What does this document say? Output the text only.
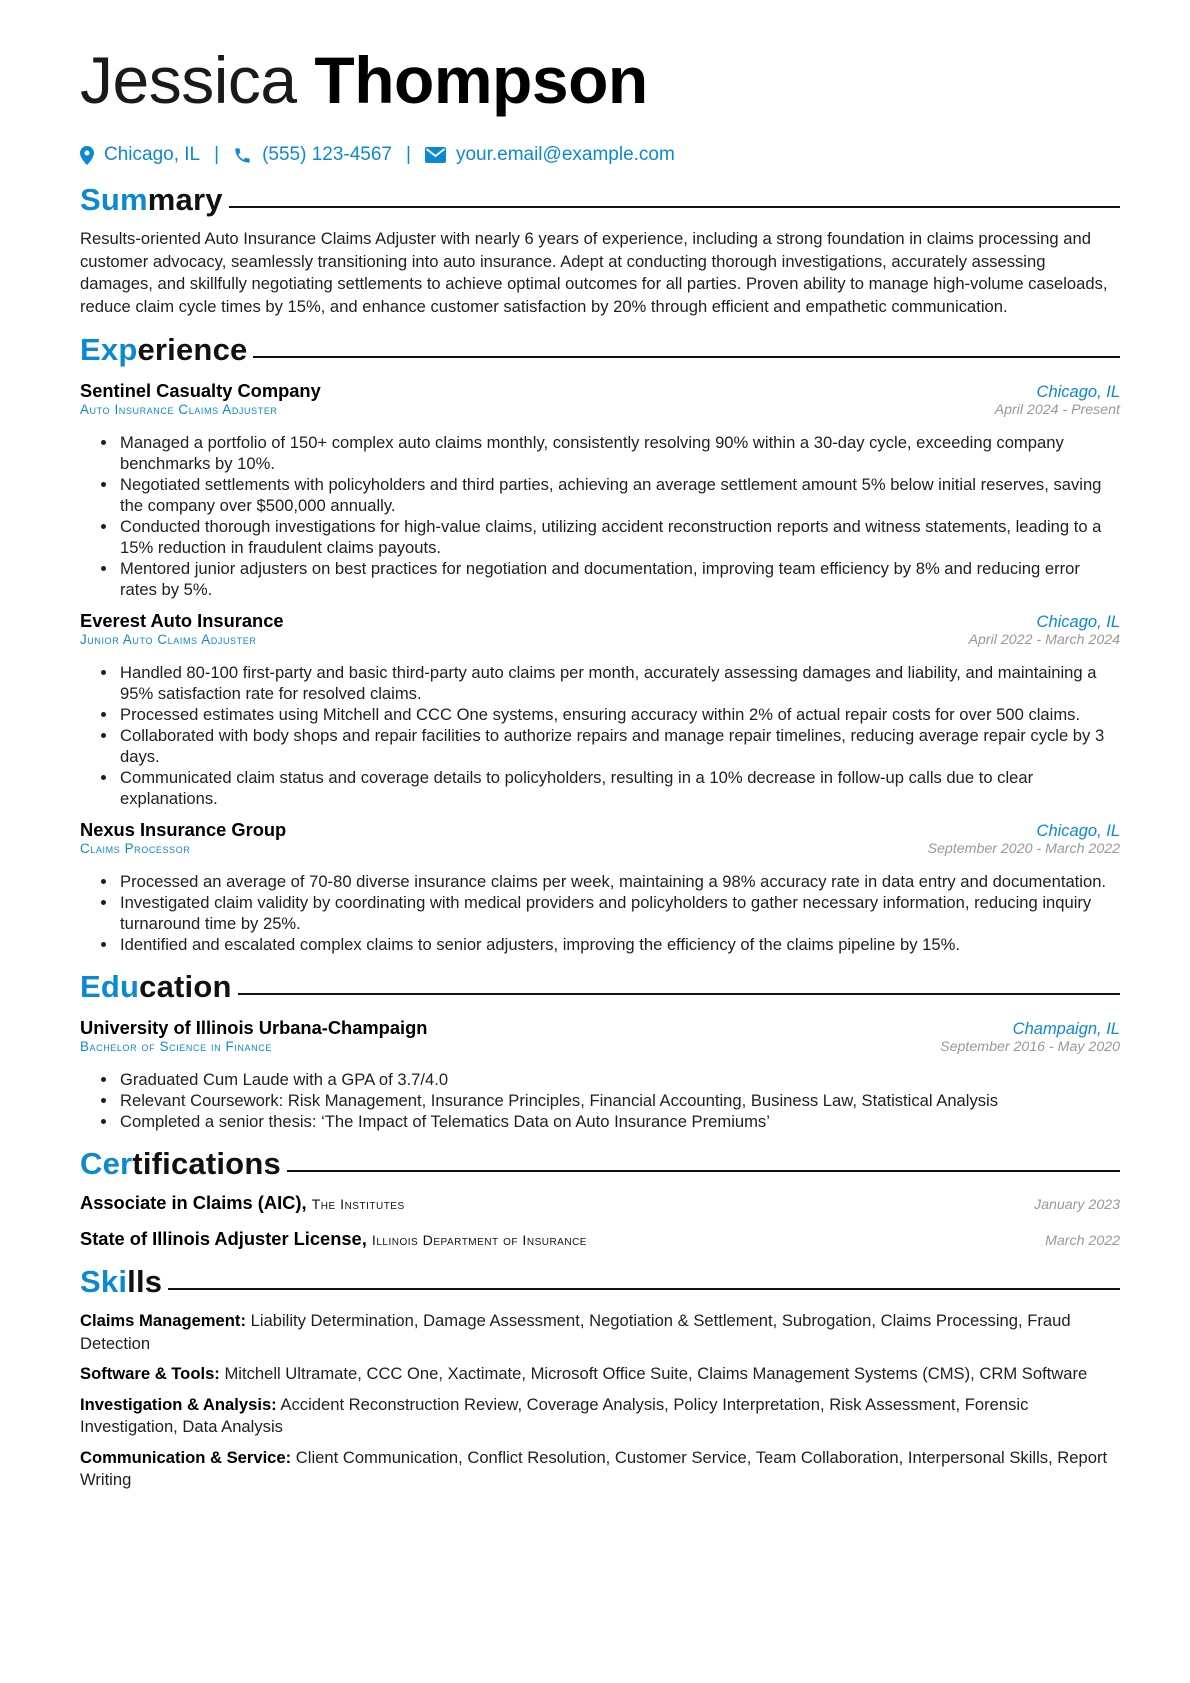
Jessica Thompson
Chicago, IL | (555) 123-4567 | your.email@example.com
Summary

Results-oriented Auto Insurance Claims Adjuster with nearly 6 years of experience, including a strong foundation in claims processing and customer advocacy, seamlessly transitioning into auto insurance. Adept at conducting thorough investigations, accurately assessing damages, and skillfully negotiating settlements to achieve optimal outcomes for all parties. Proven ability to manage high-volume caseloads, reduce claim cycle times by 15%, and enhance customer satisfaction by 20% through efficient and empathetic communication.

Experience
Sentinel Casualty Company	Chicago, IL
Auto Insurance Claims Adjuster	April 2024 - Present
• Managed a portfolio of 150+ complex auto claims monthly, consistently resolving 90% within a 30-day cycle, exceeding company benchmarks by 10%.
• Negotiated settlements with policyholders and third parties, achieving an average settlement amount 5% below initial reserves, saving the company over $500,000 annually.
• Conducted thorough investigations for high-value claims, utilizing accident reconstruction reports and witness statements, leading to a 15% reduction in fraudulent claims payouts.
• Mentored junior adjusters on best practices for negotiation and documentation, improving team efficiency by 8% and reducing error rates by 5%.
Everest Auto Insurance	Chicago, IL
Junior Auto Claims Adjuster	April 2022 - March 2024
• Handled 80-100 first-party and basic third-party auto claims per month, accurately assessing damages and liability, and maintaining a 95% satisfaction rate for resolved claims.
• Processed estimates using Mitchell and CCC One systems, ensuring accuracy within 2% of actual repair costs for over 500 claims.
• Collaborated with body shops and repair facilities to authorize repairs and manage repair timelines, reducing average repair cycle by 3 days.
• Communicated claim status and coverage details to policyholders, resulting in a 10% decrease in follow-up calls due to clear explanations.
Nexus Insurance Group	Chicago, IL
Claims Processor	September 2020 - March 2022
• Processed an average of 70-80 diverse insurance claims per week, maintaining a 98% accuracy rate in data entry and documentation.
• Investigated claim validity by coordinating with medical providers and policyholders to gather necessary information, reducing inquiry turnaround time by 25%.
• Identified and escalated complex claims to senior adjusters, improving the efficiency of the claims pipeline by 15%.
Education
University of Illinois Urbana-Champaign	Champaign, IL
Bachelor of Science in Finance	September 2016 - May 2020
• Graduated Cum Laude with a GPA of 3.7/4.0
• Relevant Coursework: Risk Management, Insurance Principles, Financial Accounting, Business Law, Statistical Analysis
• Completed a senior thesis: ‘The Impact of Telematics Data on Auto Insurance Premiums’
Certifications
Associate in Claims (AIC), The Institutes	January 2023
State of Illinois Adjuster License, Illinois Department of Insurance	March 2022
Skills
Claims Management: Liability Determination, Damage Assessment, Negotiation & Settlement, Subrogation, Claims Processing, Fraud Detection
Software & Tools: Mitchell Ultramate, CCC One, Xactimate, Microsoft Office Suite, Claims Management Systems (CMS), CRM Software
Investigation & Analysis: Accident Reconstruction Review, Coverage Analysis, Policy Interpretation, Risk Assessment, Forensic Investigation, Data Analysis
Communication & Service: Client Communication, Conflict Resolution, Customer Service, Team Collaboration, Interpersonal Skills, Report Writing
